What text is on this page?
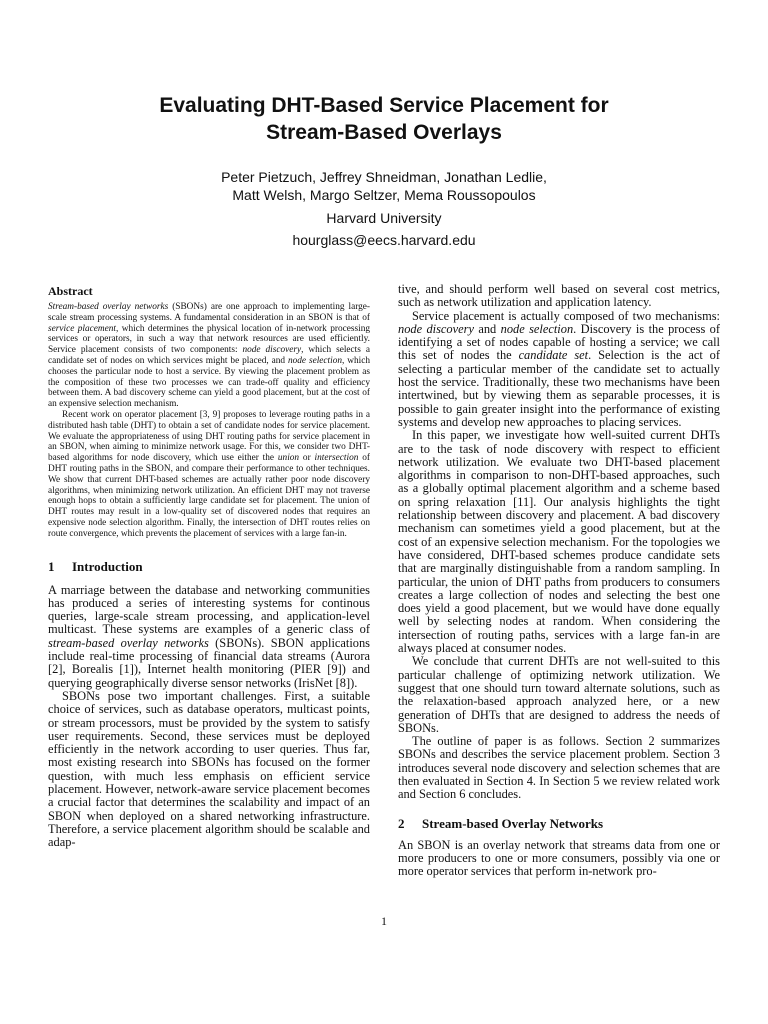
Evaluating DHT-Based Service Placement for
Stream-Based Overlays
Peter Pietzuch, Jeffrey Shneidman, Jonathan Ledlie,
Matt Welsh, Margo Seltzer, Mema Roussopoulos
Harvard University
hourglass@eecs.harvard.edu
Abstract

Stream-based overlay networks (SBONs) are one approach to implementing large-scale stream processing systems. A fundamental consideration in an SBON is that of service placement, which determines the physical location of in-network processing services or operators, in such a way that network resources are used efficiently. Service placement consists of two components: node discovery, which selects a candidate set of nodes on which services might be placed, and node selection, which chooses the particular node to host a service. By viewing the placement problem as the composition of these two processes we can trade-off quality and efficiency between them. A bad discovery scheme can yield a good placement, but at the cost of an expensive selection mechanism.

Recent work on operator placement [3, 9] proposes to leverage routing paths in a distributed hash table (DHT) to obtain a set of candidate nodes for service placement. We evaluate the appropriateness of using DHT routing paths for service placement in an SBON, when aiming to minimize network usage. For this, we consider two DHT-based algorithms for node discovery, which use either the union or intersection of DHT routing paths in the SBON, and compare their performance to other techniques. We show that current DHT-based schemes are actually rather poor node discovery algorithms, when minimizing network utilization. An efficient DHT may not traverse enough hops to obtain a sufficiently large candidate set for placement. The union of DHT routes may result in a low-quality set of discovered nodes that requires an expensive node selection algorithm. Finally, the intersection of DHT routes relies on route convergence, which prevents the placement of services with a large fan-in.

1 Introduction

A marriage between the database and networking communities has produced a series of interesting systems for continous queries, large-scale stream processing, and application-level multicast. These systems are examples of a generic class of stream-based overlay networks (SBONs). SBON applications include real-time processing of financial data streams (Aurora [2], Borealis [1]), Internet health monitoring (PIER [9]) and querying geographically diverse sensor networks (IrisNet [8]).

SBONs pose two important challenges. First, a suitable choice of services, such as database operators, multicast points, or stream processors, must be provided by the system to satisfy user requirements. Second, these services must be deployed efficiently in the network according to user queries. Thus far, most existing research into SBONs has focused on the former question, with much less emphasis on efficient service placement. However, network-aware service placement becomes a crucial factor that determines the scalability and impact of an SBON when deployed on a shared networking infrastructure. Therefore, a service placement algorithm should be scalable and adap-

tive, and should perform well based on several cost metrics, such as network utilization and application latency.

Service placement is actually composed of two mechanisms: node discovery and node selection. Discovery is the process of identifying a set of nodes capable of hosting a service; we call this set of nodes the candidate set. Selection is the act of selecting a particular member of the candidate set to actually host the service. Traditionally, these two mechanisms have been intertwined, but by viewing them as separable processes, it is possible to gain greater insight into the performance of existing systems and develop new approaches to placing services.

In this paper, we investigate how well-suited current DHTs are to the task of node discovery with respect to efficient network utilization. We evaluate two DHT-based placement algorithms in comparison to non-DHT-based approaches, such as a globally optimal placement algorithm and a scheme based on spring relaxation [11]. Our analysis highlights the tight relationship between discovery and placement. A bad discovery mechanism can sometimes yield a good placement, but at the cost of an expensive selection mechanism. For the topologies we have considered, DHT-based schemes produce candidate sets that are marginally distinguishable from a random sampling. In particular, the union of DHT paths from producers to consumers creates a large collection of nodes and selecting the best one does yield a good placement, but we would have done equally well by selecting nodes at random. When considering the intersection of routing paths, services with a large fan-in are always placed at consumer nodes.

We conclude that current DHTs are not well-suited to this particular challenge of optimizing network utilization. We suggest that one should turn toward alternate solutions, such as the relaxation-based approach analyzed here, or a new generation of DHTs that are designed to address the needs of SBONs.

The outline of paper is as follows. Section 2 summarizes SBONs and describes the service placement problem. Section 3 introduces several node discovery and selection schemes that are then evaluated in Section 4. In Section 5 we review related work and Section 6 concludes.

2 Stream-based Overlay Networks

An SBON is an overlay network that streams data from one or more producers to one or more consumers, possibly via one or more operator services that perform in-network pro-

1
